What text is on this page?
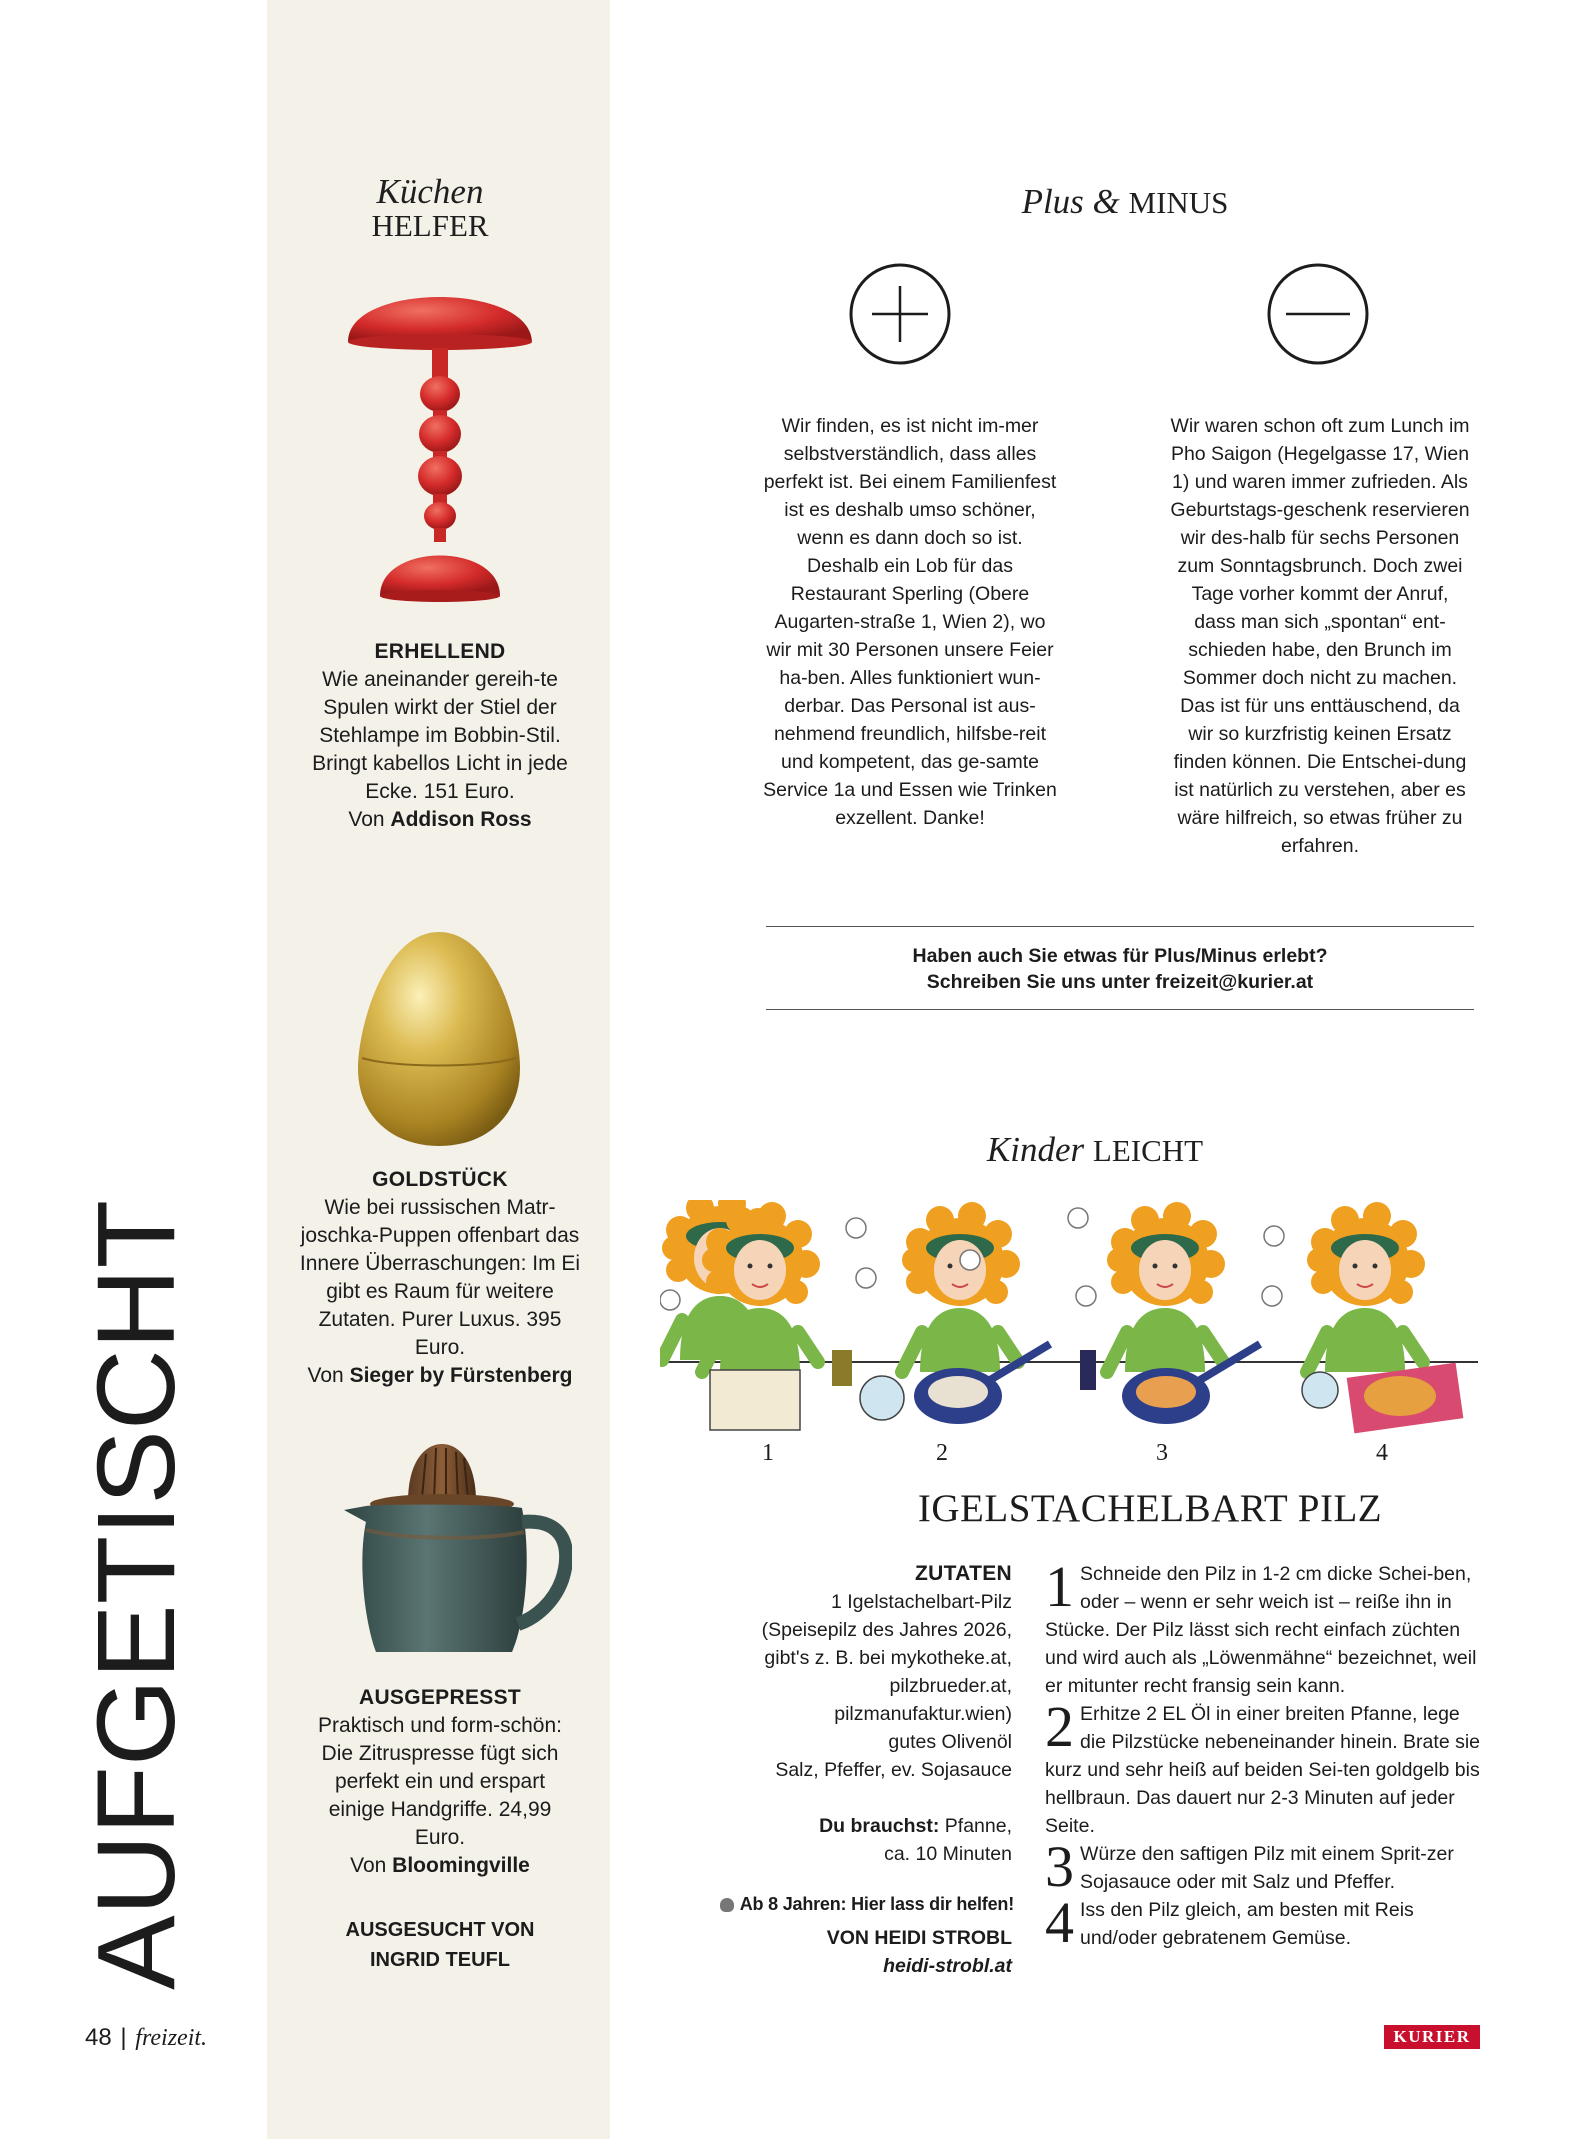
AUFGETISCHT
Küchen
HELFER
ERHELLEND
Wie aneinander gereih-te Spulen wirkt der Stiel der Stehlampe im Bobbin-Stil. Bringt kabellos Licht in jede Ecke. 151 Euro.
Von Addison Ross
GOLDSTÜCK
Wie bei russischen Matr-joschka-Puppen offenbart das Innere Überraschungen: Im Ei gibt es Raum für weitere Zutaten. Purer Luxus. 395 Euro.
Von Sieger by Fürstenberg
AUSGEPRESST
Praktisch und form-schön: Die Zitruspresse fügt sich perfekt ein und erspart einige Handgriffe. 24,99 Euro.
Von Bloomingville
AUSGESUCHT VON
INGRID TEUFL
Plus & MINUS
Wir finden, es ist nicht im-mer selbstverständlich, dass alles perfekt ist. Bei einem Familienfest ist es deshalb umso schöner, wenn es dann doch so ist. Deshalb ein Lob für das Restaurant Sperling (Obere Augarten-straße 1, Wien 2), wo wir mit 30 Personen unsere Feier ha-ben. Alles funktioniert wun-derbar. Das Personal ist aus-nehmend freundlich, hilfsbe-reit und kompetent, das ge-samte Service 1a und Essen wie Trinken exzellent. Danke!
Wir waren schon oft zum Lunch im Pho Saigon (Hegelgasse 17, Wien 1) und waren immer zufrieden. Als Geburtstags-geschenk reservieren wir des-halb für sechs Personen zum Sonntagsbrunch. Doch zwei Tage vorher kommt der Anruf, dass man sich „spontan“ ent-schieden habe, den Brunch im Sommer doch nicht zu machen. Das ist für uns enttäuschend, da wir so kurzfristig keinen Ersatz finden können. Die Entschei-dung ist natürlich zu verstehen, aber es wäre hilfreich, so etwas früher zu erfahren.
Haben auch Sie etwas für Plus/Minus erlebt?
Schreiben Sie uns unter freizeit@kurier.at
Kinder LEICHT
1	2	3	4
IGELSTACHELBART PILZ
ZUTATEN
1 Igelstachelbart-Pilz
(Speisepilz des Jahres 2026,
gibt's z. B. bei mykotheke.at,
pilzbrueder.at,
pilzmanufaktur.wien)
gutes Olivenöl
Salz, Pfeffer, ev. Sojasauce
Du brauchst: Pfanne,
ca. 10 Minuten
Ab 8 Jahren: Hier lass dir helfen!
VON HEIDI STROBL
heidi-strobl.at
1 Schneide den Pilz in 1-2 cm dicke Schei-ben, oder – wenn er sehr weich ist – reiße ihn in Stücke. Der Pilz lässt sich recht einfach züchten und wird auch als „Löwenmähne“ bezeichnet, weil er mitunter recht fransig sein kann.
2 Erhitze 2 EL Öl in einer breiten Pfanne, lege die Pilzstücke nebeneinander hinein. Brate sie kurz und sehr heiß auf beiden Sei-ten goldgelb bis hellbraun. Das dauert nur 2-3 Minuten auf jeder Seite.
3 Würze den saftigen Pilz mit einem Sprit-zer Sojasauce oder mit Salz und Pfeffer.
4 Iss den Pilz gleich, am besten mit Reis und/oder gebratenem Gemüse.
48 | freizeit.	KURIER
